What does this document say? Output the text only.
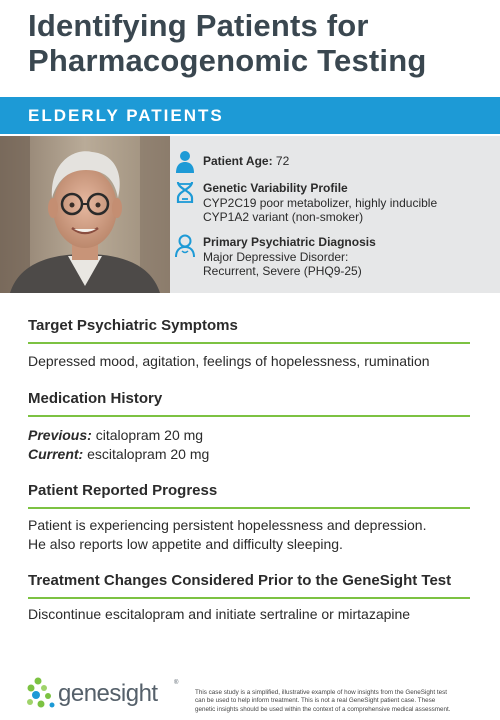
Identifying Patients for
Pharmacogenomic Testing
ELDERLY PATIENTS
Patient Age: 72
Genetic Variability Profile
CYP2C19 poor metabolizer, highly inducible
CYP1A2 variant (non-smoker)
Primary Psychiatric Diagnosis
Major Depressive Disorder:
Recurrent, Severe (PHQ9-25)
Target Psychiatric Symptoms
Depressed mood, agitation, feelings of hopelessness, rumination
Medication History
Previous: citalopram 20 mg
Current: escitalopram 20 mg
Patient Reported Progress
Patient is experiencing persistent hopelessness and depression.
He also reports low appetite and difficulty sleeping.
Treatment Changes Considered Prior to the GeneSight Test
Discontinue escitalopram and initiate sertraline or mirtazapine
genesight	®
This case study is a simplified, illustrative example of how insights from the GeneSight test
can be used to help inform treatment. This is not a real GeneSight patient case. These
genetic insights should be used within the context of a comprehensive medical assessment.
